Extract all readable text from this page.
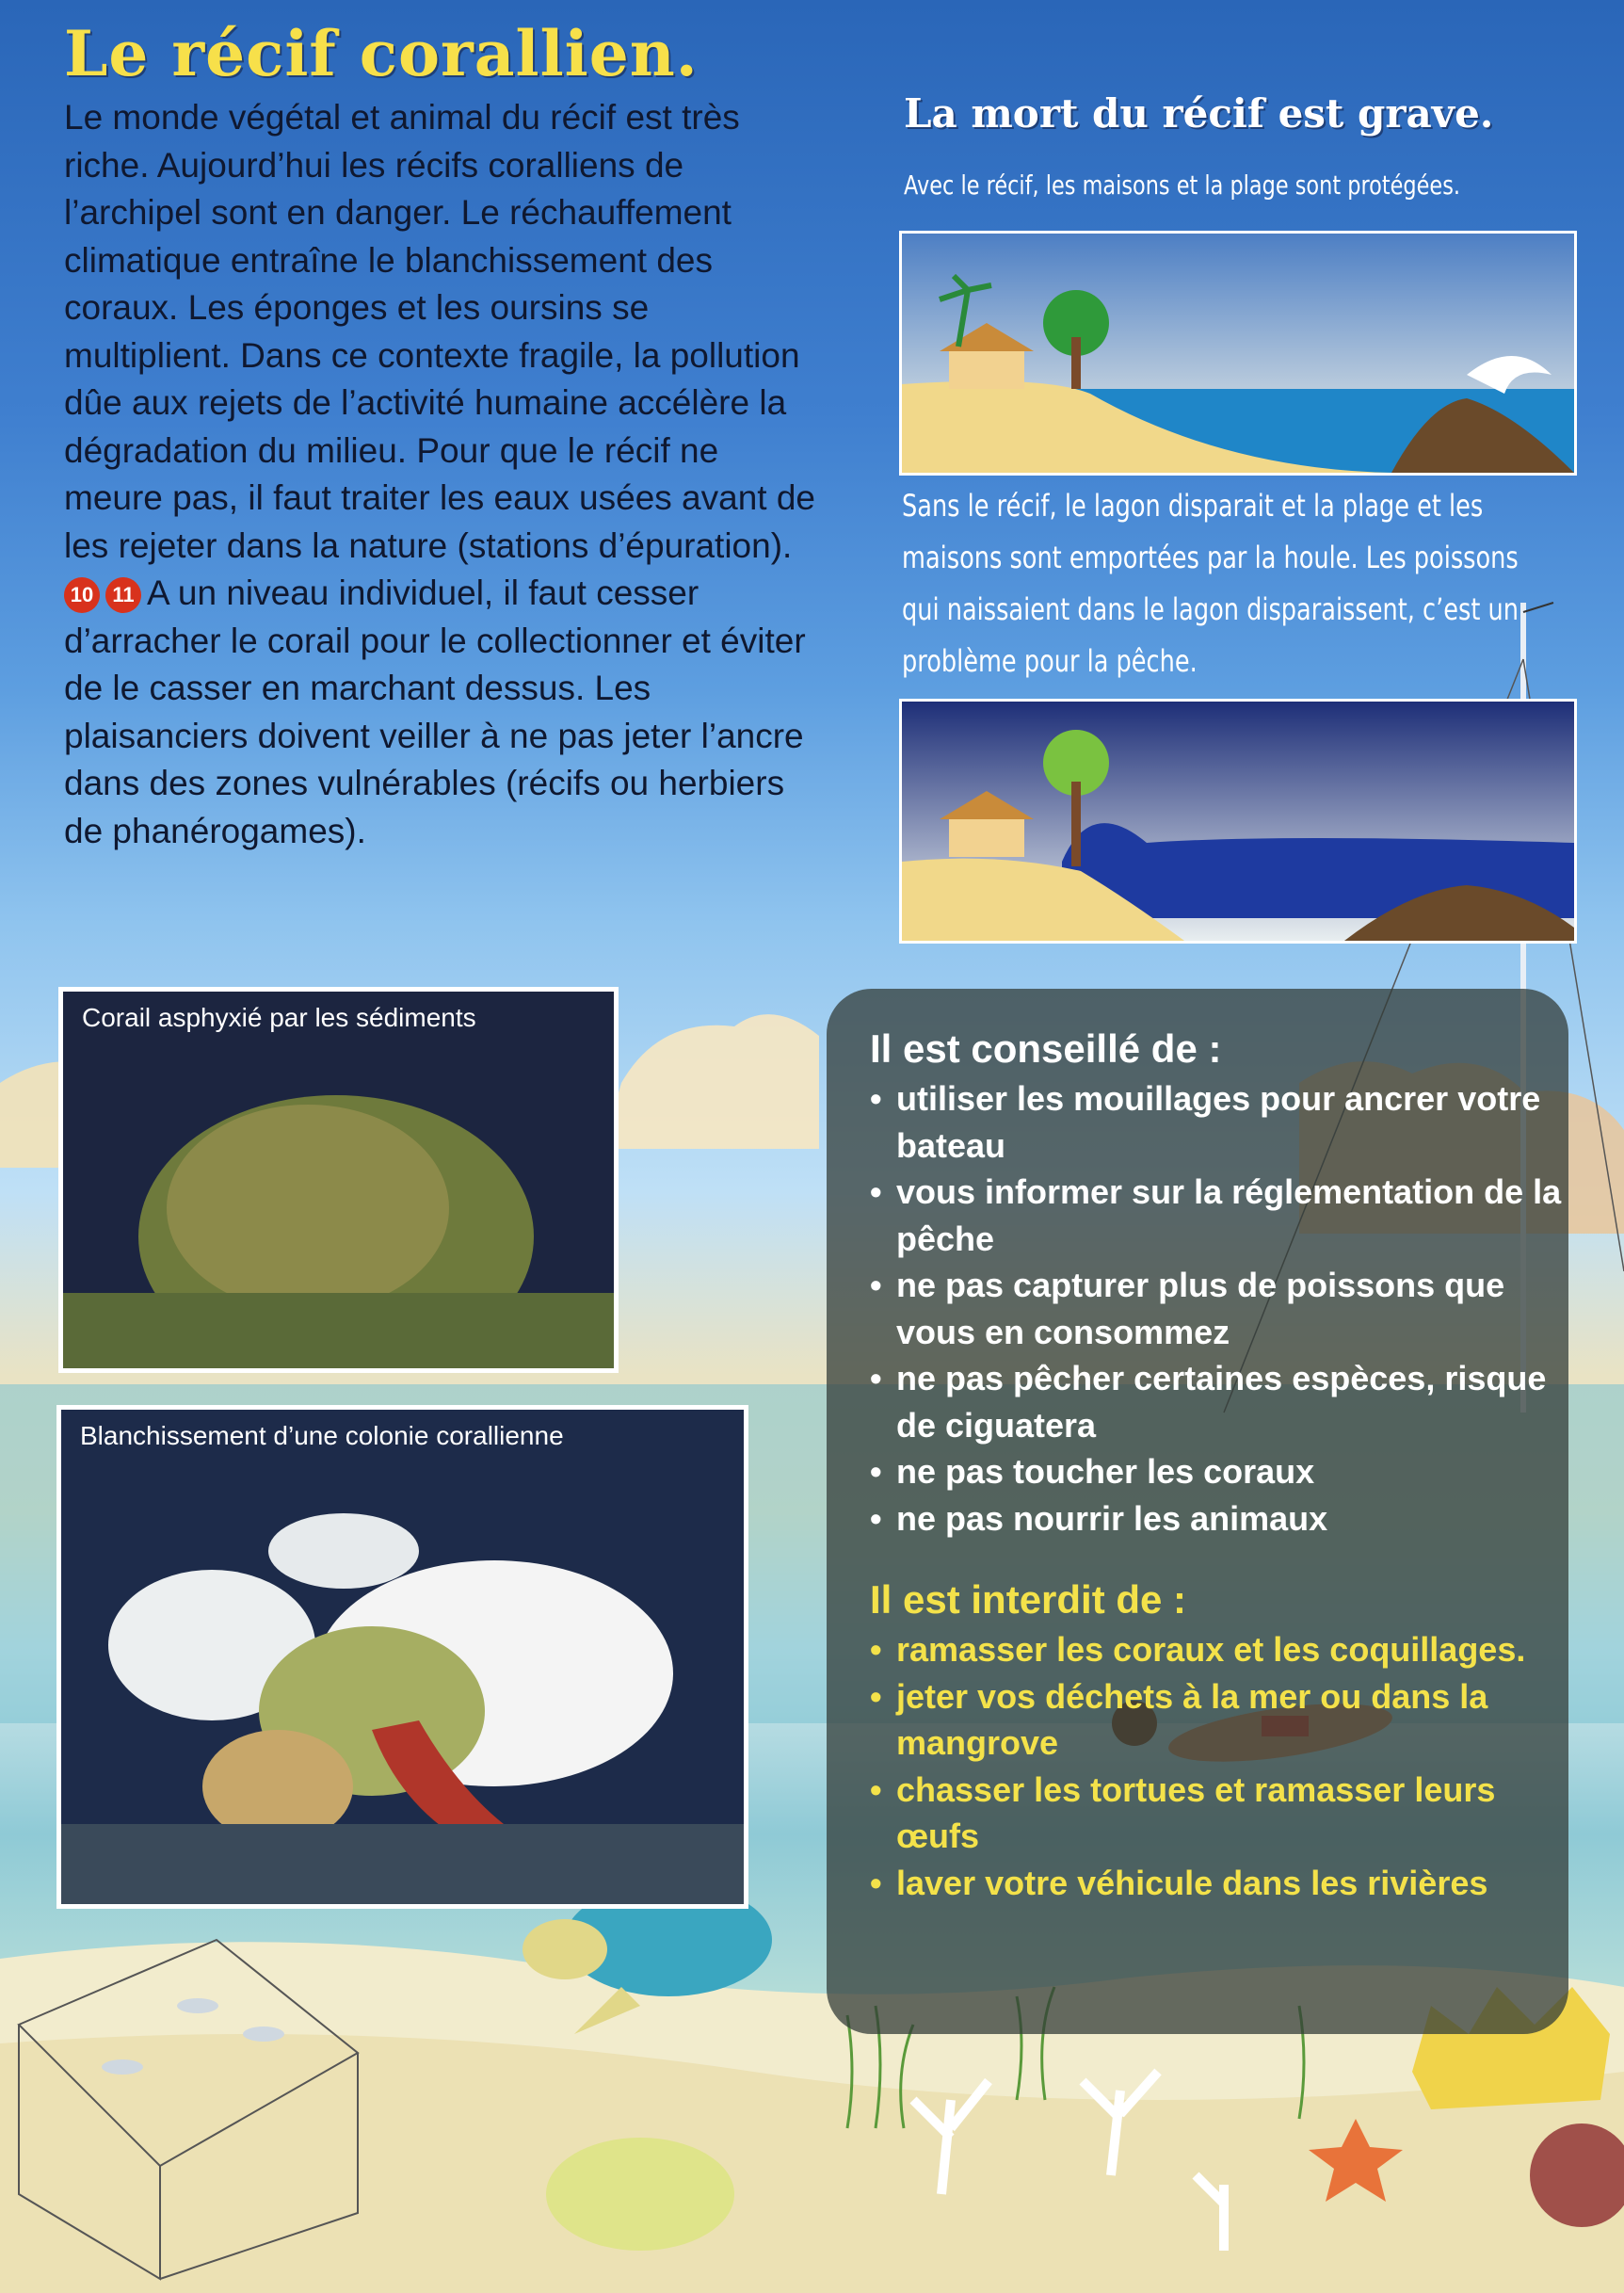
Le récif corallien.

Le monde végétal et animal du récif est très riche. Aujourd’hui les récifs coralliens de l’archipel sont en danger. Le réchauffement climatique entraîne le blanchissement des coraux. Les éponges et les oursins se multiplient. Dans ce contexte fragile, la pollution dûe aux rejets de l’activité humaine accélère la dégradation du milieu. Pour que le récif ne meure pas, il faut traiter les eaux usées avant de les rejeter dans la nature (stations d’épuration).

10 11 A un niveau individuel, il faut cesser d’arracher le corail pour le collectionner et éviter de le casser en marchant dessus. Les plaisanciers doivent veiller à ne pas jeter l’ancre dans des zones vulnérables (récifs ou herbiers de phanérogames).

La mort du récif est grave.

Avec le récif, les maisons et la plage sont protégées.

Sans le récif, le lagon disparait et la plage et les maisons sont emportées par la houle. Les poissons qui naissaient dans le lagon disparaissent, c’est un problème pour la pêche.

Corail asphyxié par les sédiments

Blanchissement d’une colonie corallienne

Il est conseillé de :
• utiliser les mouillages pour ancrer votre bateau
• vous informer sur la réglementation de la pêche
• ne pas capturer plus de poissons que vous en consommez
• ne pas pêcher certaines espèces, risque de ciguatera
• ne pas toucher les coraux
• ne pas nourrir les animaux
Il est interdit de :
• ramasser les coraux et les coquillages.
• jeter vos déchets à la mer ou dans la mangrove
• chasser les tortues et ramasser leurs œufs
• laver votre véhicule dans les rivières
